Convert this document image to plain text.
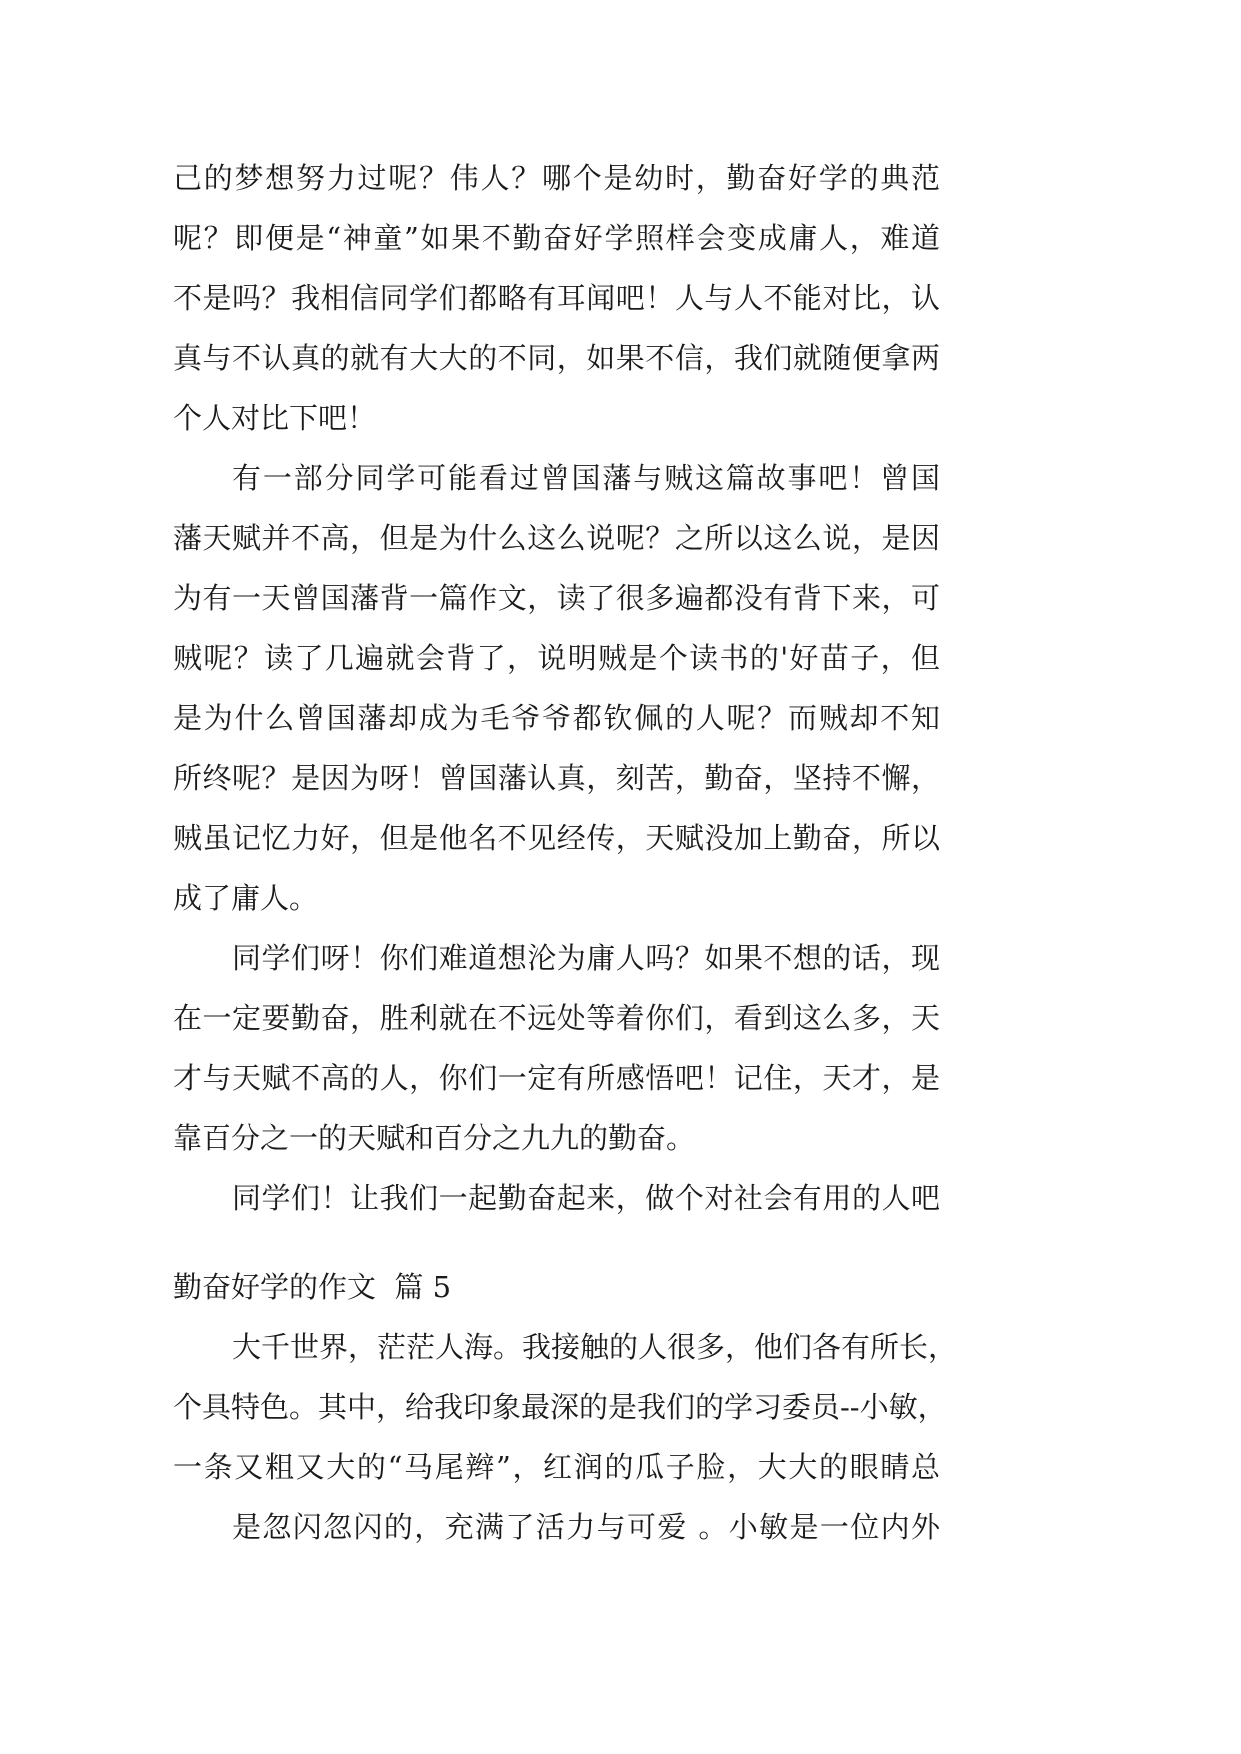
己的梦想努力过呢？伟人？哪个是幼时，勤奋好学的典范
呢？即便是“神童”如果不勤奋好学照样会变成庸人，难道
不是吗？我相信同学们都略有耳闻吧！人与人不能对比，认
真与不认真的就有大大的不同，如果不信，我们就随便拿两
个人对比下吧！
有一部分同学可能看过曾国藩与贼这篇故事吧！曾国
藩天赋并不高，但是为什么这么说呢？之所以这么说，是因
为有一天曾国藩背一篇作文，读了很多遍都没有背下来，可
贼呢？读了几遍就会背了，说明贼是个读书的'好苗子，但
是为什么曾国藩却成为毛爷爷都钦佩的人呢？而贼却不知
所终呢？是因为呀！曾国藩认真，刻苦，勤奋，坚持不懈，
贼虽记忆力好，但是他名不见经传，天赋没加上勤奋，所以
成了庸人。
同学们呀！你们难道想沦为庸人吗？如果不想的话，现
在一定要勤奋，胜利就在不远处等着你们，看到这么多，天
才与天赋不高的人，你们一定有所感悟吧！记住，天才，是
靠百分之一的天赋和百分之九九的勤奋。
同学们！让我们一起勤奋起来，做个对社会有用的人吧
勤奋好学的作文  篇 5
大千世界，茫茫人海。我接触的人很多，他们各有所长，
个具特色。其中，给我印象最深的是我们的学习委员--小敏，
一条又粗又大的“马尾辫”，红润的瓜子脸，大大的眼睛总
是忽闪忽闪的，充满了活力与可爱 。小敏是一位内外
